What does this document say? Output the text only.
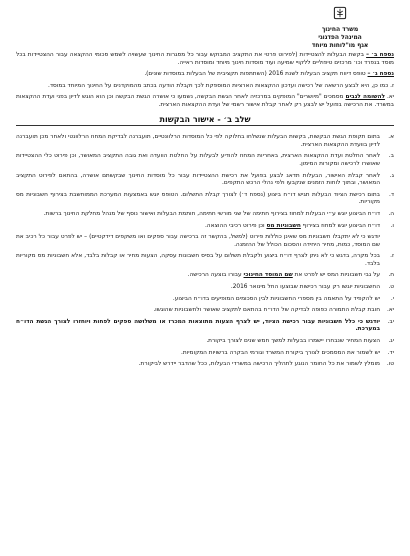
משרד החינוך
המינהל הפדגוגי
אגף מו"לוחות מיוחד

נספח ב׳ – בקשת הבעלות להצטיידות (לפירוט פרטי את התקציב המבוקש עבור כל מסגרות החינוך שעשויה לשמש סכומי ההקצאה עבור ההצטיידות בכל מוסד בנפרד וכו׳ מרכזים טיפוליים ללקויי שמיעה ועוד מוסדות חינוך מיוחד ומוסדות ראייה.

נספח ג׳ – טופס דיווח תקציב הבעלות לשנת 2016 (השתתפות תקציבית של הבעלות במוסדות שונים).

ז. כמו כן, היא לבצע הרשאה של רכישה ועדכון ההקצאות הארציות המוספקת לכך וקבלת הודעה בכתב מהמוקדנים על החינוך המיוחד במוסד.

יא. להשומה לגבים מסמכים "מיושרים" המופקים במרכזיה לאחר הגשת הבקשה, נשמעו כי אושרה הגשת הבקשה וכן הוא הוגש לדיון בפני ועדת ההקצאות במשרד. את הרכישה בפועל יש לבצע רק לאחר קבלת אישור רשמי של ועדת ההקצאות הארצית.

שלב ב׳ - אישור הבקשות
א.
בתום תקופת הגשת הבקשות, בקשות הבעלות שנשלחו בחלוקה לפי כל המוסדות הרלוונטיים, תועברנה לבדיקת המחוז הרלוונטי ולאחר מכן תועברנה לדיון בוועדת ההקצאות הארצית.
ב.
לאחר החלטת ועדת ההקצאות הארצית, באחריות המחוז להודיע לבעלות על החלטת הוועדה ואת גובה התקציב המאושר, וכן פירוט כלי ההצטיידות שאושרו לרכישה ומקורות המימון.
ג.
לאחר קבלת האישור, הבעלות תדאג לבצע בפועל את רכישת ההצטיידות עבור כל מוסדות החינוך שבקשתם אושרה, בהתאם לפירוט התקציב המאושר, ובתוך לוחות הזמנים שנקבעו ולפי נהלי הרכש התקפים.
ד.
בתום רכישת הציוד הבעלות תגיש דו״ח ביצוע (נספח ד׳) לצורך קבלת התשלום. הטופס יוגש באמצעות המערכת הממוחשבת בצירוף חשבוניות מס מקוריות.
ה.
דו״ח הביצוע יוגש ע״י הבעלות למחוז בצירוף חתימה של שני מורשי חתימה, חותמת הבעלות ואישור נוסף של מנהל מחלקת החינוך ברשות.
ו.
דו״ח הביצוע יוגש למחוז בצירוף חשבוניות מס וכן פירוט רכיבי ההוצאה.
יודגש כי לא יתקבלו חשבוניות מס שאינן כוללות פירוט (למשל, בהקשר זה ברכישה עבור ספקים ואו משקפים דידקטיים) – יש לפרט עבור כל רכיב את שם המוסד, כמות, מחיר היחידה והסכום הכולל של ההזמנה.
ז.
בכל מקרה, בדגש כי לא ניתן לצרף דו״ח ביצוע ולקבלת תשלום על בסיס חשבונות עסקה, הצעות מחיר או קבלות בלבד, אלא חשבוניות מס מקוריות בלבד.
ח.
על גבי חשבוניות המס יש לפרט את שם המוסד החינוכי עבורו בוצעה הרכישה.
ט.
החשבוניות יוגשו רק עבור רכישות שבוצעו החל מינואר 2016.
י.
יש להקפיד על התאמה בין מספרי החשבוניות לבין הסכומים המופיעים בדו״ח הביצוע.
יא.
חובת קבלת התמורה כפופה לבדיקה של הדו״ח בהתאם לתקציב שאושר ולחשבוניות שהוגשו.
יב.
יודגש כי כלל חשבוניות עבור רכישת הציוד, יש לצרף הצעות מתוצאות המכרז או משלושה ספקים לפחות ויוחזרו לצורך הגשת הדו״ח במערכת.
יג.
הצעות המחיר שנבחרו יישמרו בבעלות למשך חמש שנים לצורך ביקורת.
יד.
יש לשמור את המסמכים לצורך ביקורת המשרד וגורמי הבקרה ברשויות המקומיות.
טו.
מומלץ לשמור את כל החומר הנוגע לתהליך הרכישה במשרדי הבעלות, ככל שהדבר יידרש לביקורת.
